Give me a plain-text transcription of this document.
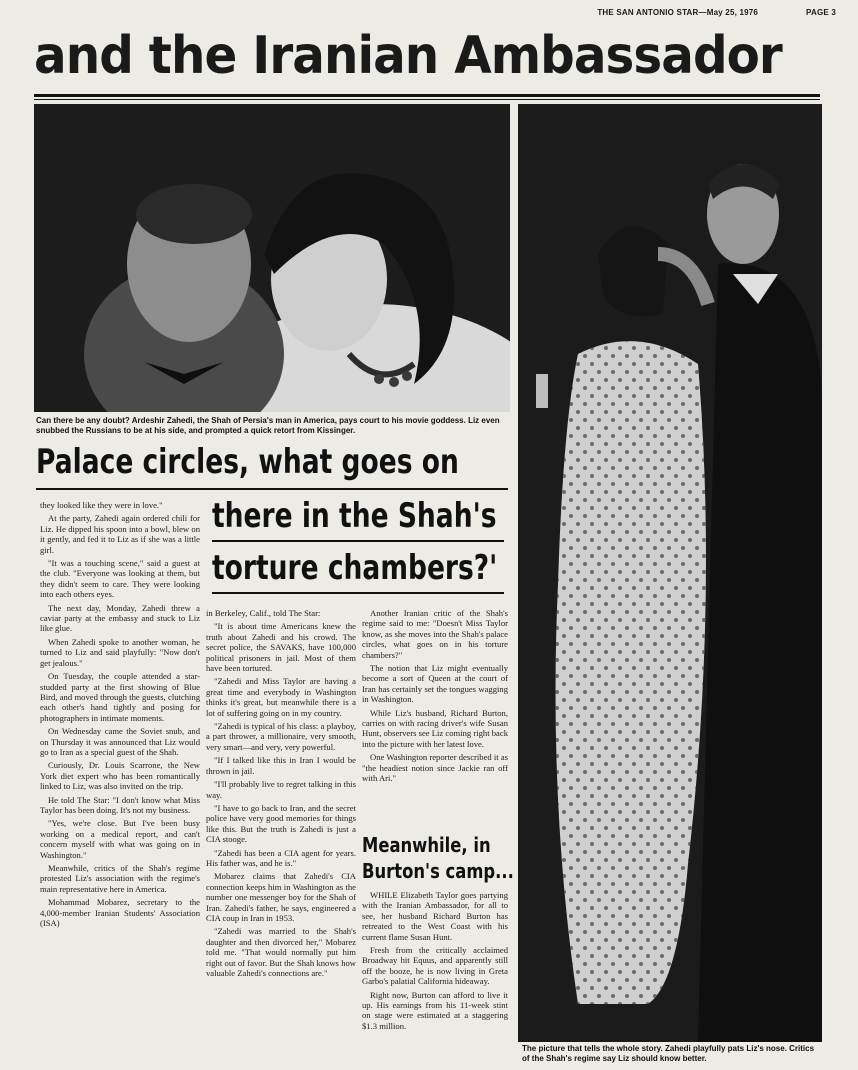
THE SAN ANTONIO STAR—May 25, 1976	PAGE 3
and the Iranian Ambassador
Can there be any doubt? Ardeshir Zahedi, the Shah of Persia's man in America, pays court to his movie goddess. Liz even snubbed the Russians to be at his side, and prompted a quick retort from Kissinger.
The picture that tells the whole story. Zahedi playfully pats Liz's nose. Critics of the Shah's regime say Liz should know better.
Palace circles, what goes on
there in the Shah's
torture chambers?'

they looked like they were in love."

At the party, Zahedi again ordered chili for Liz. He dipped his spoon into a bowl, blew on it gently, and fed it to Liz as if she was a little girl.

"It was a touching scene," said a guest at the club. "Everyone was looking at them, but they didn't seem to care. They were looking into each others eyes.

The next day, Monday, Zahedi threw a caviar party at the embassy and stuck to Liz like glue.

When Zahedi spoke to another woman, he turned to Liz and said playfully: "Now don't get jealous."

On Tuesday, the couple attended a star-studded party at the first showing of Blue Bird, and moved through the guests, clutching each other's hand tightly and posing for photographers in intimate moments.

On Wednesday came the Soviet snub, and on Thursday it was announced that Liz would go to Iran as a special guest of the Shah.

Curiously, Dr. Louis Scarrone, the New York diet expert who has been romantically linked to Liz, was also invited on the trip.

He told The Star: "I don't know what Miss Taylor has been doing. It's not my business.

"Yes, we're close. But I've been busy working on a medical report, and can't concern myself with what was going on in Washington."

Meanwhile, critics of the Shah's regime protested Liz's association with the regime's main representative here in America.

Mohammad Mobarez, secretary to the 4,000-member Iranian Students' Association (ISA)

in Berkeley, Calif., told The Star:

"It is about time Americans knew the truth about Zahedi and his crowd. The secret police, the SAVAKS, have 100,000 political prisoners in jail. Most of them have been tortured.

"Zahedi and Miss Taylor are having a great time and everybody in Washington thinks it's great, but meanwhile there is a lot of suffering going on in my country.

"Zahedi is typical of his class: a playboy, a part thrower, a millionaire, very smooth, very smart—and very, very powerful.

"If I talked like this in Iran I would be thrown in jail.

"I'll probably live to regret talking in this way.

"I have to go back to Iran, and the secret police have very good memories for things like this. But the truth is Zahedi is just a CIA stooge.

"Zahedi has been a CIA agent for years. His father was, and he is."

Mobarez claims that Zahedi's CIA connection keeps him in Washington as the number one messenger boy for the Shah of Iran. Zahedi's father, he says, engineered a CIA coup in Iran in 1953.

"Zahedi was married to the Shah's daughter and then divorced her," Mobarez told me. "That would normally put him right out of favor. But the Shah knows how valuable Zahedi's connections are."

Another Iranian critic of the Shah's regime said to me: "Doesn't Miss Taylor know, as she moves into the Shah's palace circles, what goes on in his torture chambers?"

The notion that Liz might eventually become a sort of Queen at the court of Iran has certainly set the tongues wagging in Washington.

While Liz's husband, Richard Burton, carries on with racing driver's wife Susan Hunt, observers see Liz coming right back into the picture with her latest love.

One Washington reporter described it as "the headiest notion since Jackie ran off with Ari."

Meanwhile, in
Burton's camp...

WHILE Elizabeth Taylor goes partying with the Iranian Ambassador, for all to see, her husband Richard Burton has retreated to the West Coast with his current flame Susan Hunt.

Fresh from the critically acclaimed Broadway hit Equus, and apparently still off the booze, he is now living in Greta Garbo's palatial California hideaway.

Right now, Burton can afford to live it up. His earnings from his 11-week stint on stage were estimated at a staggering $1.3 million.
